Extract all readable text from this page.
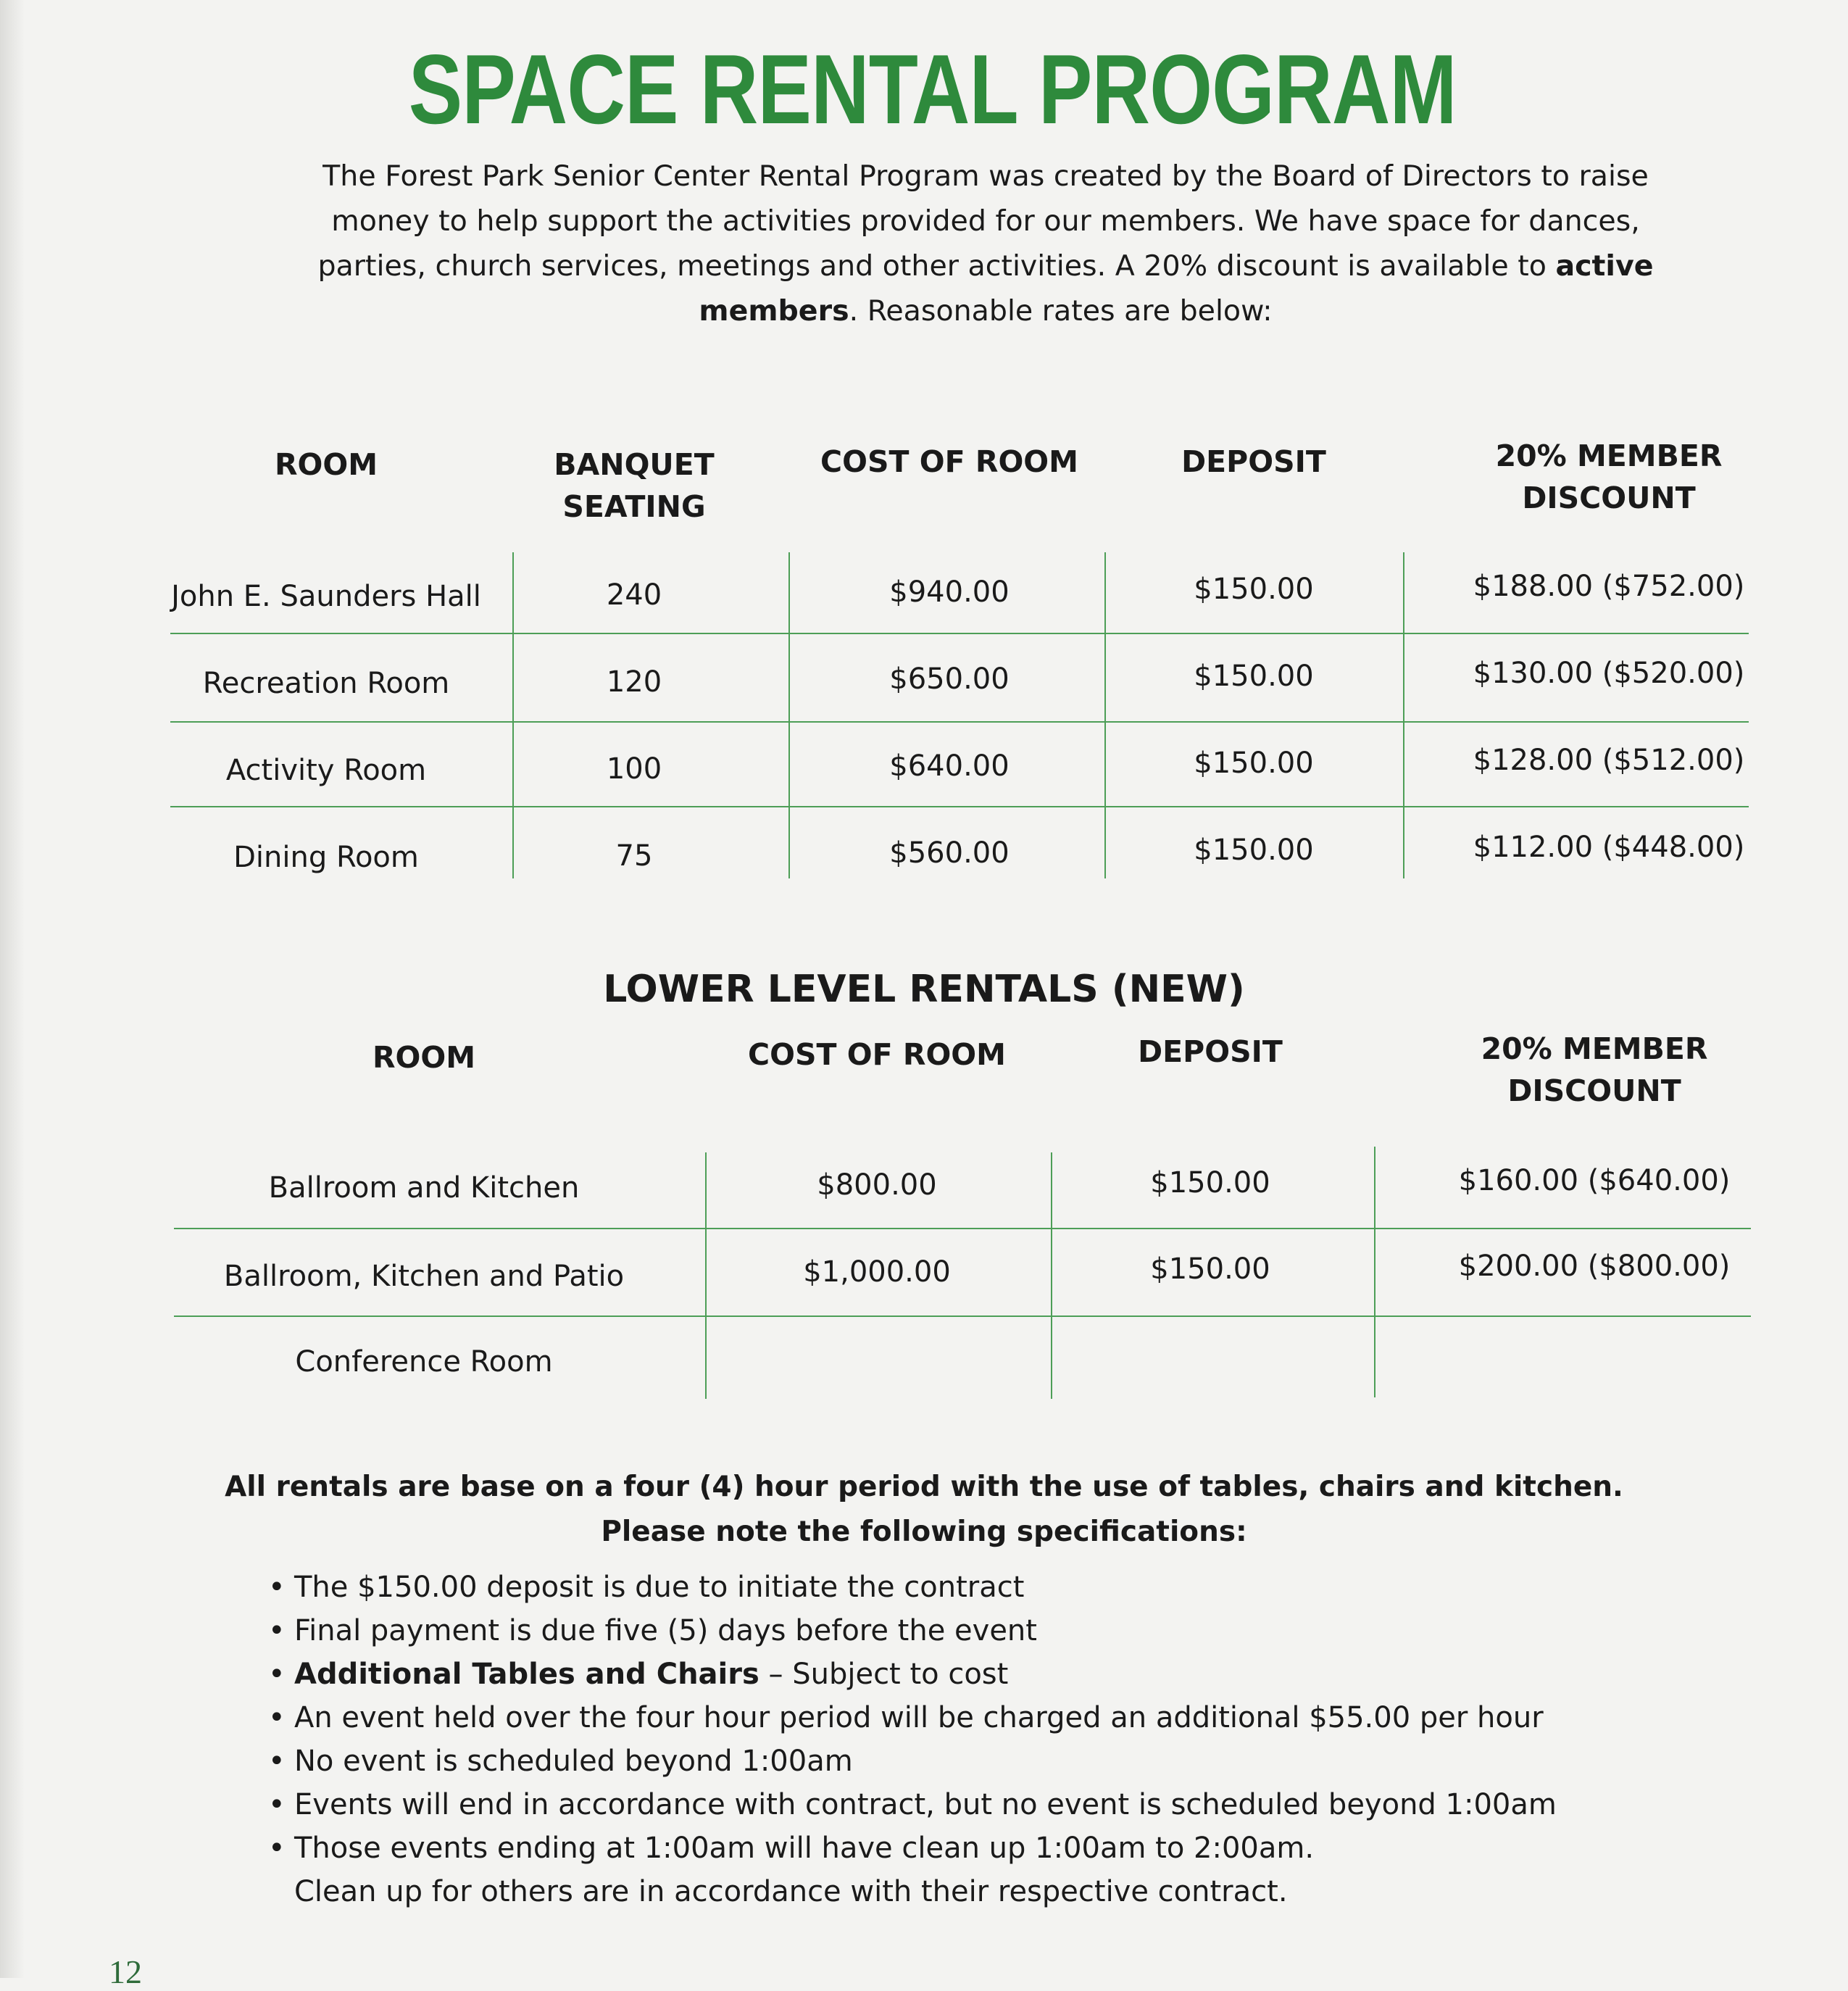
SPACE RENTAL PROGRAM

The Forest Park Senior Center Rental Program was created by the Board of Directors to raise
money to help support the activities provided for our members. We have space for dances,
parties, church services, meetings and other activities. A 20% discount is available to active
members. Reasonable rates are below:

ROOM	BANQUET
SEATING
COST OF ROOM	DEPOSIT	20% MEMBER
DISCOUNT
John E. Saunders Hall	240	$940.00	$150.00	$188.00 ($752.00)
Recreation Room	120	$650.00	$150.00	$130.00 ($520.00)
Activity Room	100	$640.00	$150.00	$128.00 ($512.00)
Dining Room	75	$560.00	$150.00	$112.00 ($448.00)
LOWER LEVEL RENTALS (NEW)
ROOM	COST OF ROOM	DEPOSIT	20% MEMBER
DISCOUNT
Ballroom and Kitchen	$800.00	$150.00	$160.00 ($640.00)
Ballroom, Kitchen and Patio	$1,000.00	$150.00	$200.00 ($800.00)
Conference Room

All rentals are base on a four (4) hour period with the use of tables, chairs and kitchen.

Please note the following specifications:

• The $150.00 deposit is due to initiate the contract
• Final payment is due five (5) days before the event
• Additional Tables and Chairs – Subject to cost
• An event held over the four hour period will be charged an additional $55.00 per hour
• No event is scheduled beyond 1:00am
• Events will end in accordance with contract, but no event is scheduled beyond 1:00am
• Those events ending at 1:00am will have clean up 1:00am to 2:00am.
Clean up for others are in accordance with their respective contract.
12
